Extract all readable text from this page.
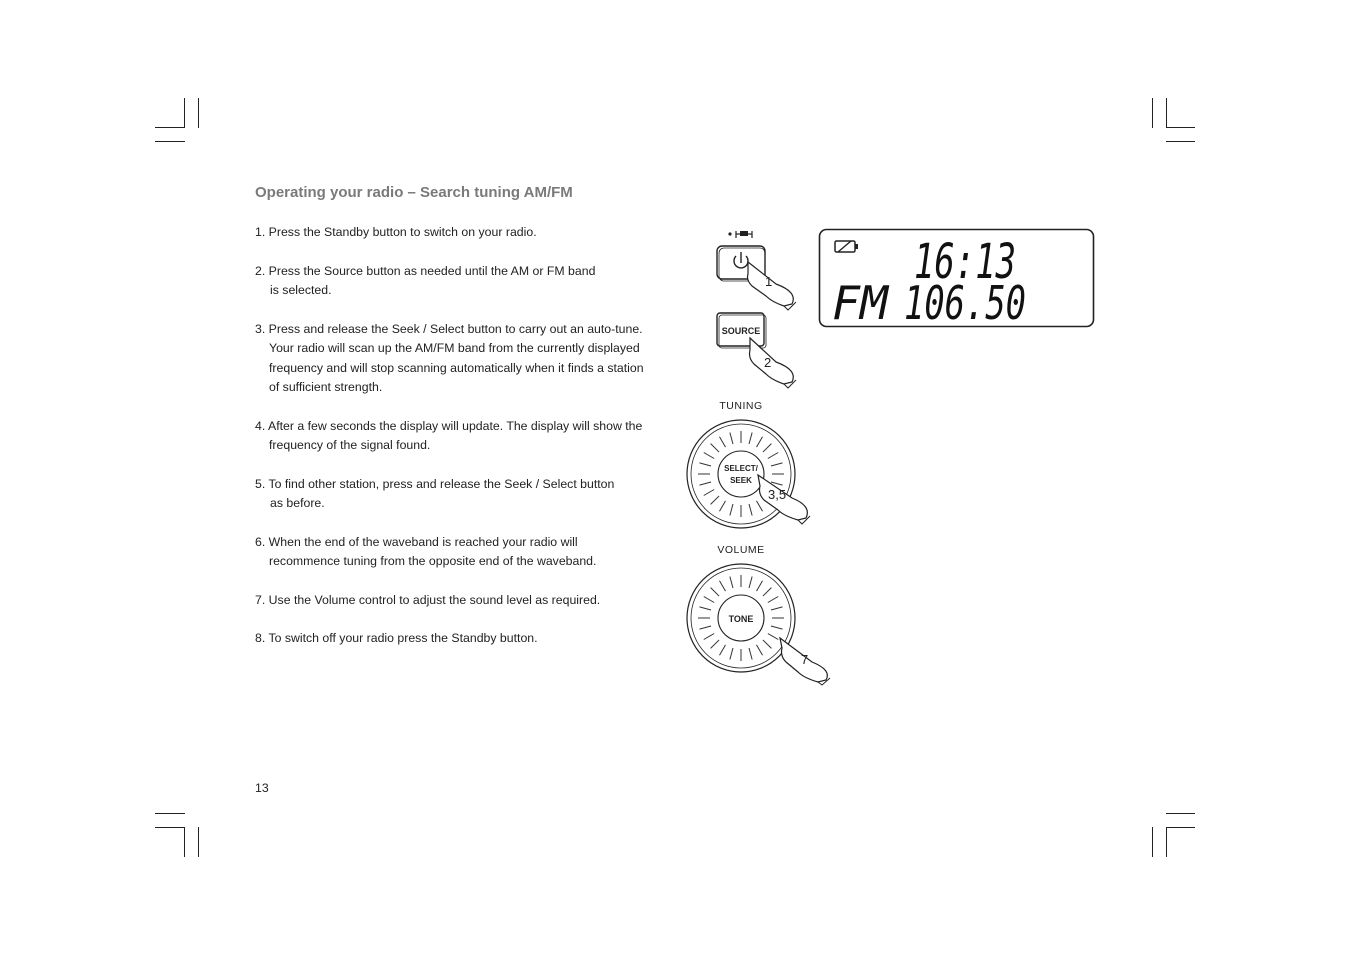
Operating your radio – Search tuning AM/FM
1. Press the Standby button to switch on your radio.
2. Press the Source button as needed until the AM or FM band
is selected.
3. Press and release the Seek / Select button to carry out an auto-tune.
Your radio will scan up the AM/FM band from the currently displayed
frequency and will stop scanning automatically when it finds a station
of sufficient strength.
4. After a few seconds the display will update. The display will show the
frequency of the signal found.
5. To find other station, press and release the Seek / Select button
as before.
6. When the end of the waveband is reached your radio will
recommence tuning from the opposite end of the waveband.
7. Use the Volume control to adjust the sound level as required.
8. To switch off your radio press the Standby button.
13
1
SOURCE
2
TUNING
SELECT/
SEEK
3,5
VOLUME
TONE
7
16:13
FM 106.50
